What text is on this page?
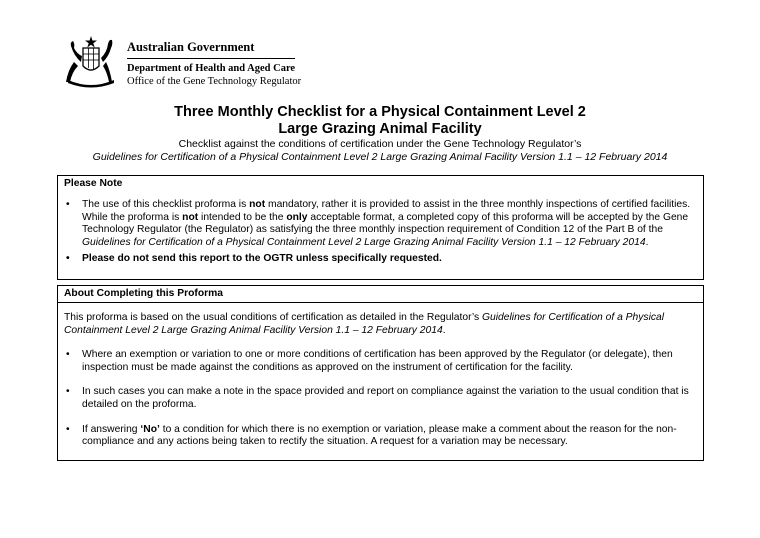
Australian Government
Department of Health and Aged Care
Office of the Gene Technology Regulator
Three Monthly Checklist for a Physical Containment Level 2
Large Grazing Animal Facility
Checklist against the conditions of certification under the Gene Technology Regulator’s
Guidelines for Certification of a Physical Containment Level 2 Large Grazing Animal Facility Version 1.1 – 12 February 2014
Please Note
• The use of this checklist proforma is not mandatory, rather it is provided to assist in the three monthly inspections of certified facilities. While the proforma is not intended to be the only acceptable format, a completed copy of this proforma will be accepted by the Gene Technology Regulator (the Regulator) as satisfying the three monthly inspection requirement of Condition 12 of the Part B of the Guidelines for Certification of a Physical Containment Level 2 Large Grazing Animal Facility Version 1.1 – 12 February 2014.
• Please do not send this report to the OGTR unless specifically requested.
About Completing this Proforma
This proforma is based on the usual conditions of certification as detailed in the Regulator’s Guidelines for Certification of a Physical Containment Level 2 Large Grazing Animal Facility Version 1.1 – 12 February 2014.
• Where an exemption or variation to one or more conditions of certification has been approved by the Regulator (or delegate), then inspection must be made against the conditions as approved on the instrument of certification for the facility.
• In such cases you can make a note in the space provided and report on compliance against the variation to the usual condition that is detailed on the proforma.
• If answering ‘No’ to a condition for which there is no exemption or variation, please make a comment about the reason for the non-compliance and any actions being taken to rectify the situation. A request for a variation may be necessary.
